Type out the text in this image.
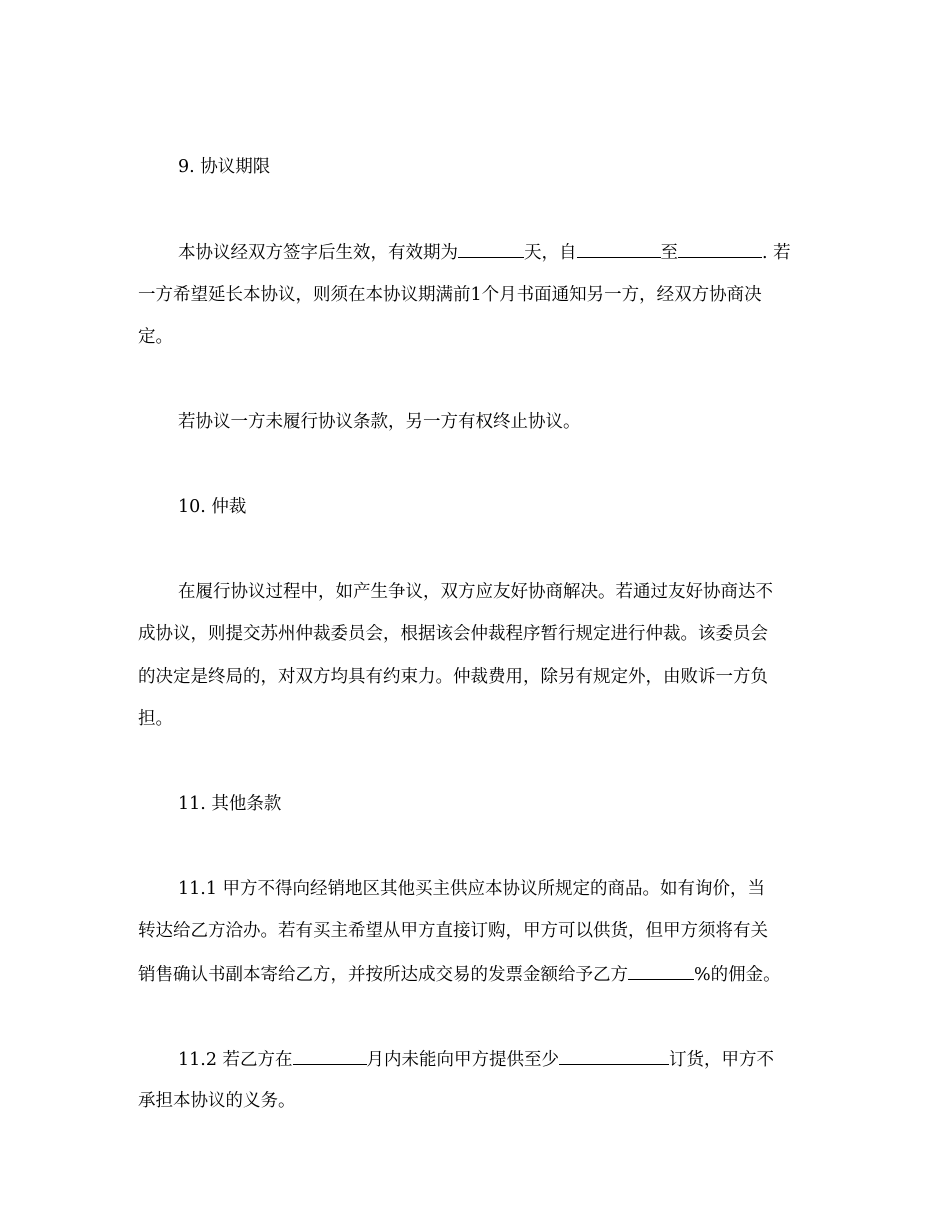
9. 协议期限
本协议经双方签字后生效，有效期为	天，自	至	. 若
一方希望延长本协议，则须在本协议期满前1个月书面通知另一方，经双方协商决
定。
若协议一方未履行协议条款，另一方有权终止协议。
10. 仲裁
在履行协议过程中，如产生争议，双方应友好协商解决。若通过友好协商达不
成协议，则提交苏州仲裁委员会，根据该会仲裁程序暂行规定进行仲裁。该委员会
的决定是终局的，对双方均具有约束力。仲裁费用，除另有规定外，由败诉一方负
担。
11. 其他条款
11.1 甲方不得向经销地区其他买主供应本协议所规定的商品。如有询价，当
转达给乙方洽办。若有买主希望从甲方直接订购，甲方可以供货，但甲方须将有关
销售确认书副本寄给乙方，并按所达成交易的发票金额给予乙方	%的佣金。
11.2 若乙方在	月内未能向甲方提供至少	订货，甲方不
承担本协议的义务。
